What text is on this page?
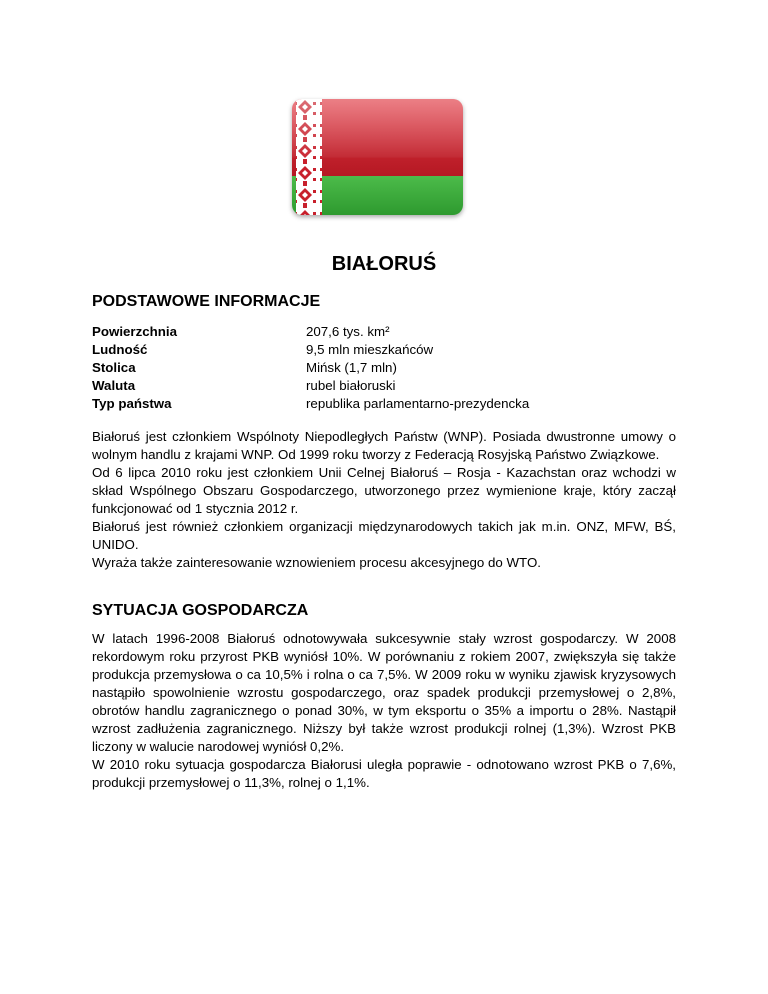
BIAŁORUŚ
PODSTAWOWE INFORMACJE
Powierzchnia	207,6 tys. km²
Ludność	9,5 mln mieszkańców
Stolica	Mińsk (1,7 mln)
Waluta	rubel białoruski
Typ państwa	republika parlamentarno-prezydencka

Białoruś jest członkiem Wspólnoty Niepodległych Państw (WNP). Posiada dwustronne umowy o wolnym handlu z krajami WNP. Od 1999 roku tworzy z Federacją Rosyjską Państwo Związkowe.

Od 6 lipca 2010 roku jest członkiem Unii Celnej Białoruś – Rosja - Kazachstan oraz wchodzi w skład Wspólnego Obszaru Gospodarczego, utworzonego przez wymienione kraje, który zaczął funkcjonować od 1 stycznia 2012 r.

Białoruś jest również członkiem organizacji międzynarodowych takich jak m.in. ONZ, MFW, BŚ, UNIDO.

Wyraża także zainteresowanie wznowieniem procesu akcesyjnego do WTO.

SYTUACJA GOSPODARCZA

W latach 1996-2008 Białoruś odnotowywała sukcesywnie stały wzrost gospodarczy. W 2008 rekordowym roku przyrost PKB wyniósł 10%. W porównaniu z rokiem 2007, zwiększyła się także produkcja przemysłowa o ca 10,5% i rolna o ca 7,5%. W 2009 roku w wyniku zjawisk kryzysowych nastąpiło spowolnienie wzrostu gospodarczego, oraz spadek produkcji przemysłowej o 2,8%, obrotów handlu zagranicznego o ponad 30%, w tym eksportu o 35% a importu o 28%. Nastąpił wzrost zadłużenia zagranicznego. Niższy był także wzrost produkcji rolnej (1,3%). Wzrost PKB liczony w walucie narodowej wyniósł 0,2%.

W 2010 roku sytuacja gospodarcza Białorusi uległa poprawie - odnotowano wzrost PKB o 7,6%, produkcji przemysłowej o 11,3%, rolnej o 1,1%.
